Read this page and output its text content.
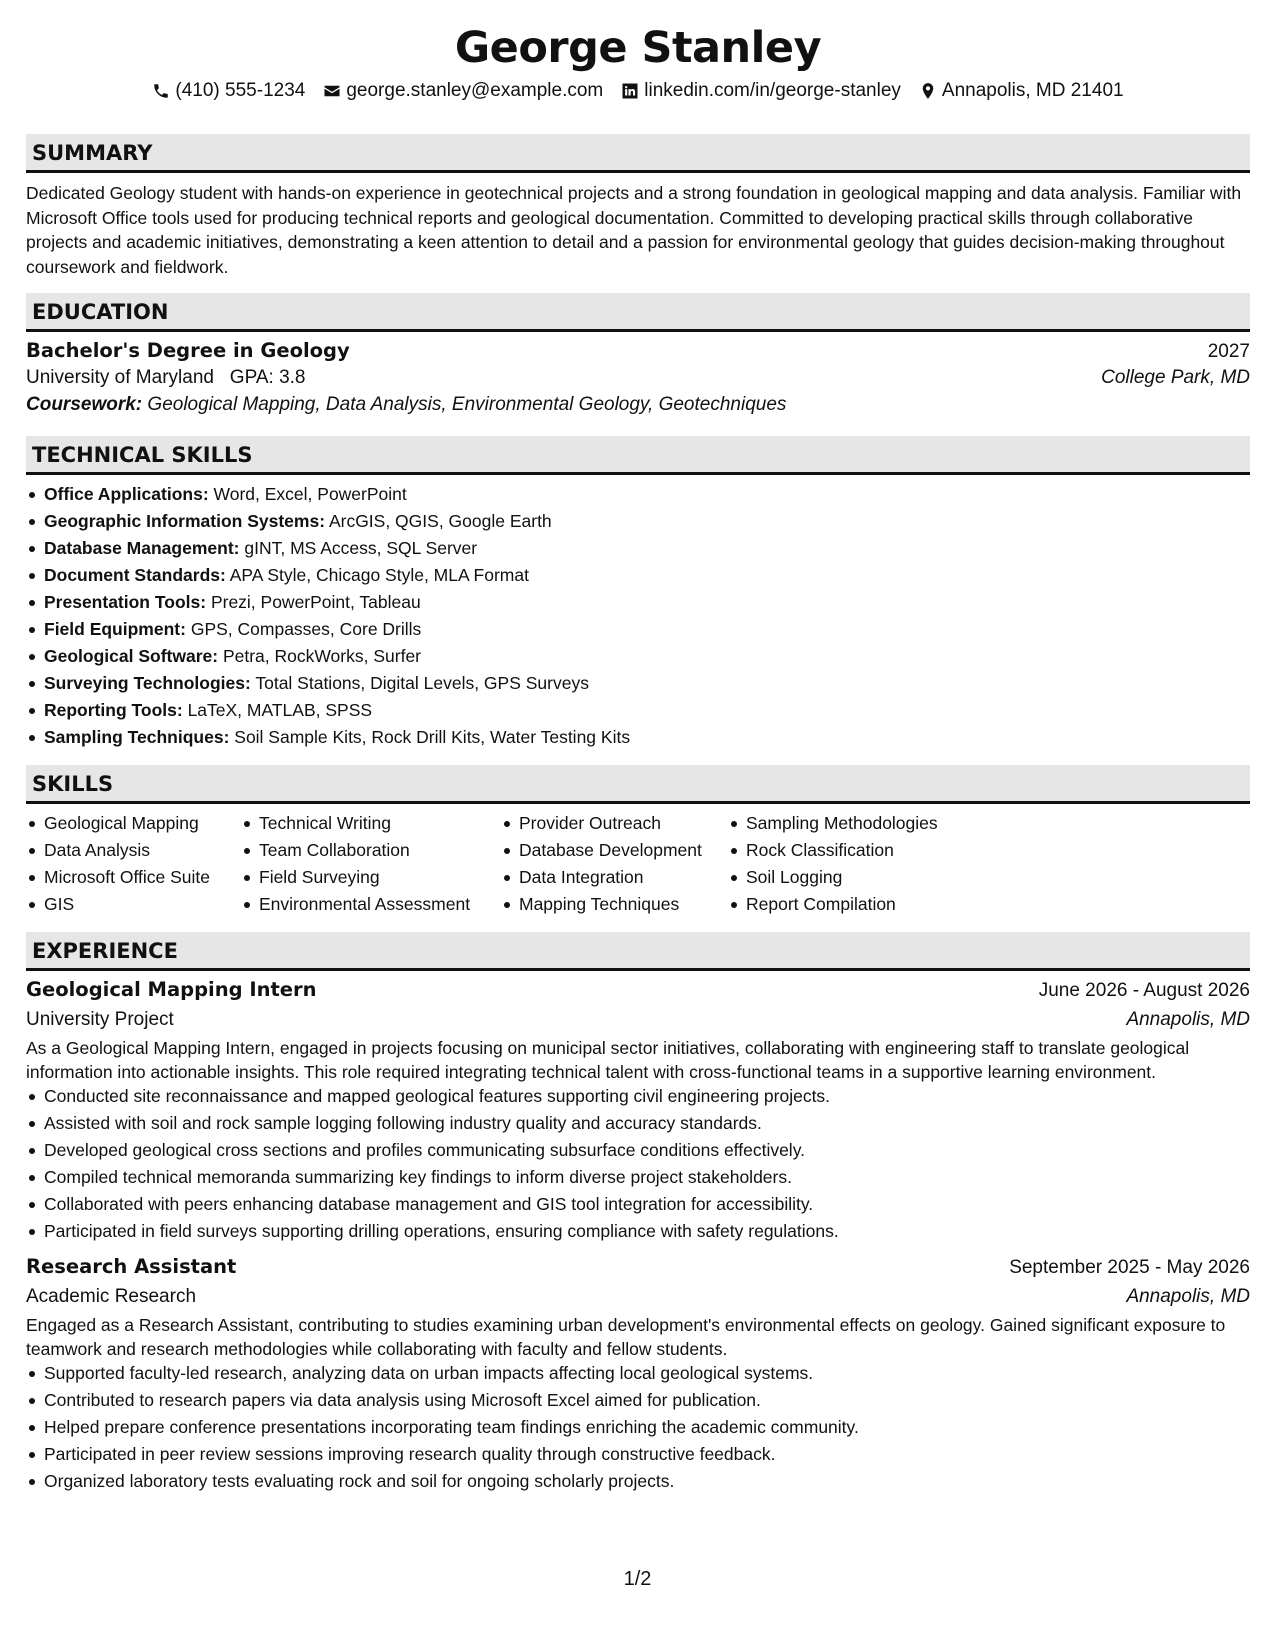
George Stanley
(410) 555-1234 george.stanley@example.com linkedin.com/in/george-stanley Annapolis, MD 21401
SUMMARY

Dedicated Geology student with hands-on experience in geotechnical projects and a strong foundation in geological mapping and data analysis. Familiar with Microsoft Office tools used for producing technical reports and geological documentation. Committed to developing practical skills through collaborative projects and academic initiatives, demonstrating a keen attention to detail and a passion for environmental geology that guides decision-making throughout coursework and fieldwork.

EDUCATION
Bachelor's Degree in Geology	2027
University of Maryland GPA: 3.8	College Park, MD
Coursework: Geological Mapping, Data Analysis, Environmental Geology, Geotechniques
TECHNICAL SKILLS
Office Applications: Word, Excel, PowerPoint
Geographic Information Systems: ArcGIS, QGIS, Google Earth
Database Management: gINT, MS Access, SQL Server
Document Standards: APA Style, Chicago Style, MLA Format
Presentation Tools: Prezi, PowerPoint, Tableau
Field Equipment: GPS, Compasses, Core Drills
Geological Software: Petra, RockWorks, Surfer
Surveying Technologies: Total Stations, Digital Levels, GPS Surveys
Reporting Tools: LaTeX, MATLAB, SPSS
Sampling Techniques: Soil Sample Kits, Rock Drill Kits, Water Testing Kits
SKILLS
Geological Mapping
Data Analysis
Microsoft Office Suite
GIS
Technical Writing
Team Collaboration
Field Surveying
Environmental Assessment
Provider Outreach
Database Development
Data Integration
Mapping Techniques
Sampling Methodologies
Rock Classification
Soil Logging
Report Compilation
EXPERIENCE
Geological Mapping Intern	June 2026 - August 2026
University Project	Annapolis, MD

As a Geological Mapping Intern, engaged in projects focusing on municipal sector initiatives, collaborating with engineering staff to translate geological information into actionable insights. This role required integrating technical talent with cross-functional teams in a supportive learning environment.

Conducted site reconnaissance and mapped geological features supporting civil engineering projects.
Assisted with soil and rock sample logging following industry quality and accuracy standards.
Developed geological cross sections and profiles communicating subsurface conditions effectively.
Compiled technical memoranda summarizing key findings to inform diverse project stakeholders.
Collaborated with peers enhancing database management and GIS tool integration for accessibility.
Participated in field surveys supporting drilling operations, ensuring compliance with safety regulations.
Research Assistant	September 2025 - May 2026
Academic Research	Annapolis, MD

Engaged as a Research Assistant, contributing to studies examining urban development's environmental effects on geology. Gained significant exposure to teamwork and research methodologies while collaborating with faculty and fellow students.

Supported faculty-led research, analyzing data on urban impacts affecting local geological systems.
Contributed to research papers via data analysis using Microsoft Excel aimed for publication.
Helped prepare conference presentations incorporating team findings enriching the academic community.
Participated in peer review sessions improving research quality through constructive feedback.
Organized laboratory tests evaluating rock and soil for ongoing scholarly projects.
1/2
